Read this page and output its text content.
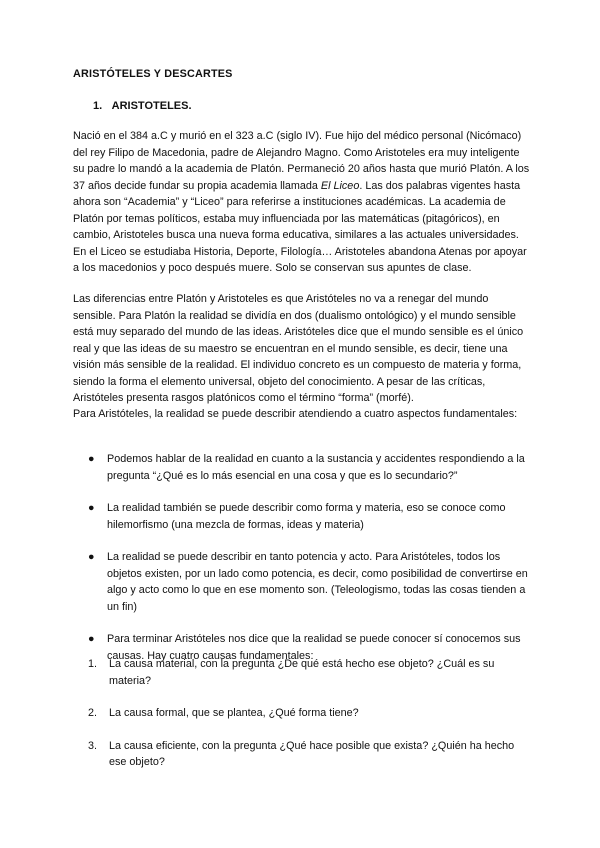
ARISTÓTELES Y DESCARTES
1. ARISTOTELES.

Nació en el 384 a.C y murió en el 323 a.C (siglo IV). Fue hijo del médico personal (Nicómaco) del rey Filipo de Macedonia, padre de Alejandro Magno. Como Aristoteles era muy inteligente su padre lo mandó a la academia de Platón. Permaneció 20 años hasta que murió Platón. A los 37 años decide fundar su propia academia llamada El Liceo. Las dos palabras vigentes hasta ahora son “Academia” y “Liceo” para referirse a instituciones académicas. La academia de Platón por temas políticos, estaba muy influenciada por las matemáticas (pitagóricos), en cambio, Aristoteles busca una nueva forma educativa, similares a las actuales universidades. En el Liceo se estudiaba Historia, Deporte, Filología… Aristoteles abandona Atenas por apoyar a los macedonios y poco después muere. Solo se conservan sus apuntes de clase.

Las diferencias entre Platón y Aristoteles es que Aristóteles no va a renegar del mundo sensible. Para Platón la realidad se dividía en dos (dualismo ontológico) y el mundo sensible está muy separado del mundo de las ideas. Aristóteles dice que el mundo sensible es el único real y que las ideas de su maestro se encuentran en el mundo sensible, es decir, tiene una visión más sensible de la realidad. El individuo concreto es un compuesto de materia y forma, siendo la forma el elemento universal, objeto del conocimiento. A pesar de las críticas, Aristóteles presenta rasgos platónicos como el término “forma” (morfé).

Para Aristóteles, la realidad se puede describir atendiendo a cuatro aspectos fundamentales:

● Podemos hablar de la realidad en cuanto a la sustancia y accidentes respondiendo a la pregunta “¿Qué es lo más esencial en una cosa y que es lo secundario?”
● La realidad también se puede describir como forma y materia, eso se conoce como hilemorfismo (una mezcla de formas, ideas y materia)
● La realidad se puede describir en tanto potencia y acto. Para Aristóteles, todos los objetos existen, por un lado como potencia, es decir, como posibilidad de convertirse en algo y acto como lo que en ese momento son. (Teleologismo, todas las cosas tienden a un fin)
● Para terminar Aristóteles nos dice que la realidad se puede conocer sí conocemos sus causas. Hay cuatro causas fundamentales:
1. La causa material, con la pregunta ¿De qué está hecho ese objeto? ¿Cuál es su materia?
2. La causa formal, que se plantea, ¿Qué forma tiene?
3. La causa eficiente, con la pregunta ¿Qué hace posible que exista? ¿Quién ha hecho ese objeto?
